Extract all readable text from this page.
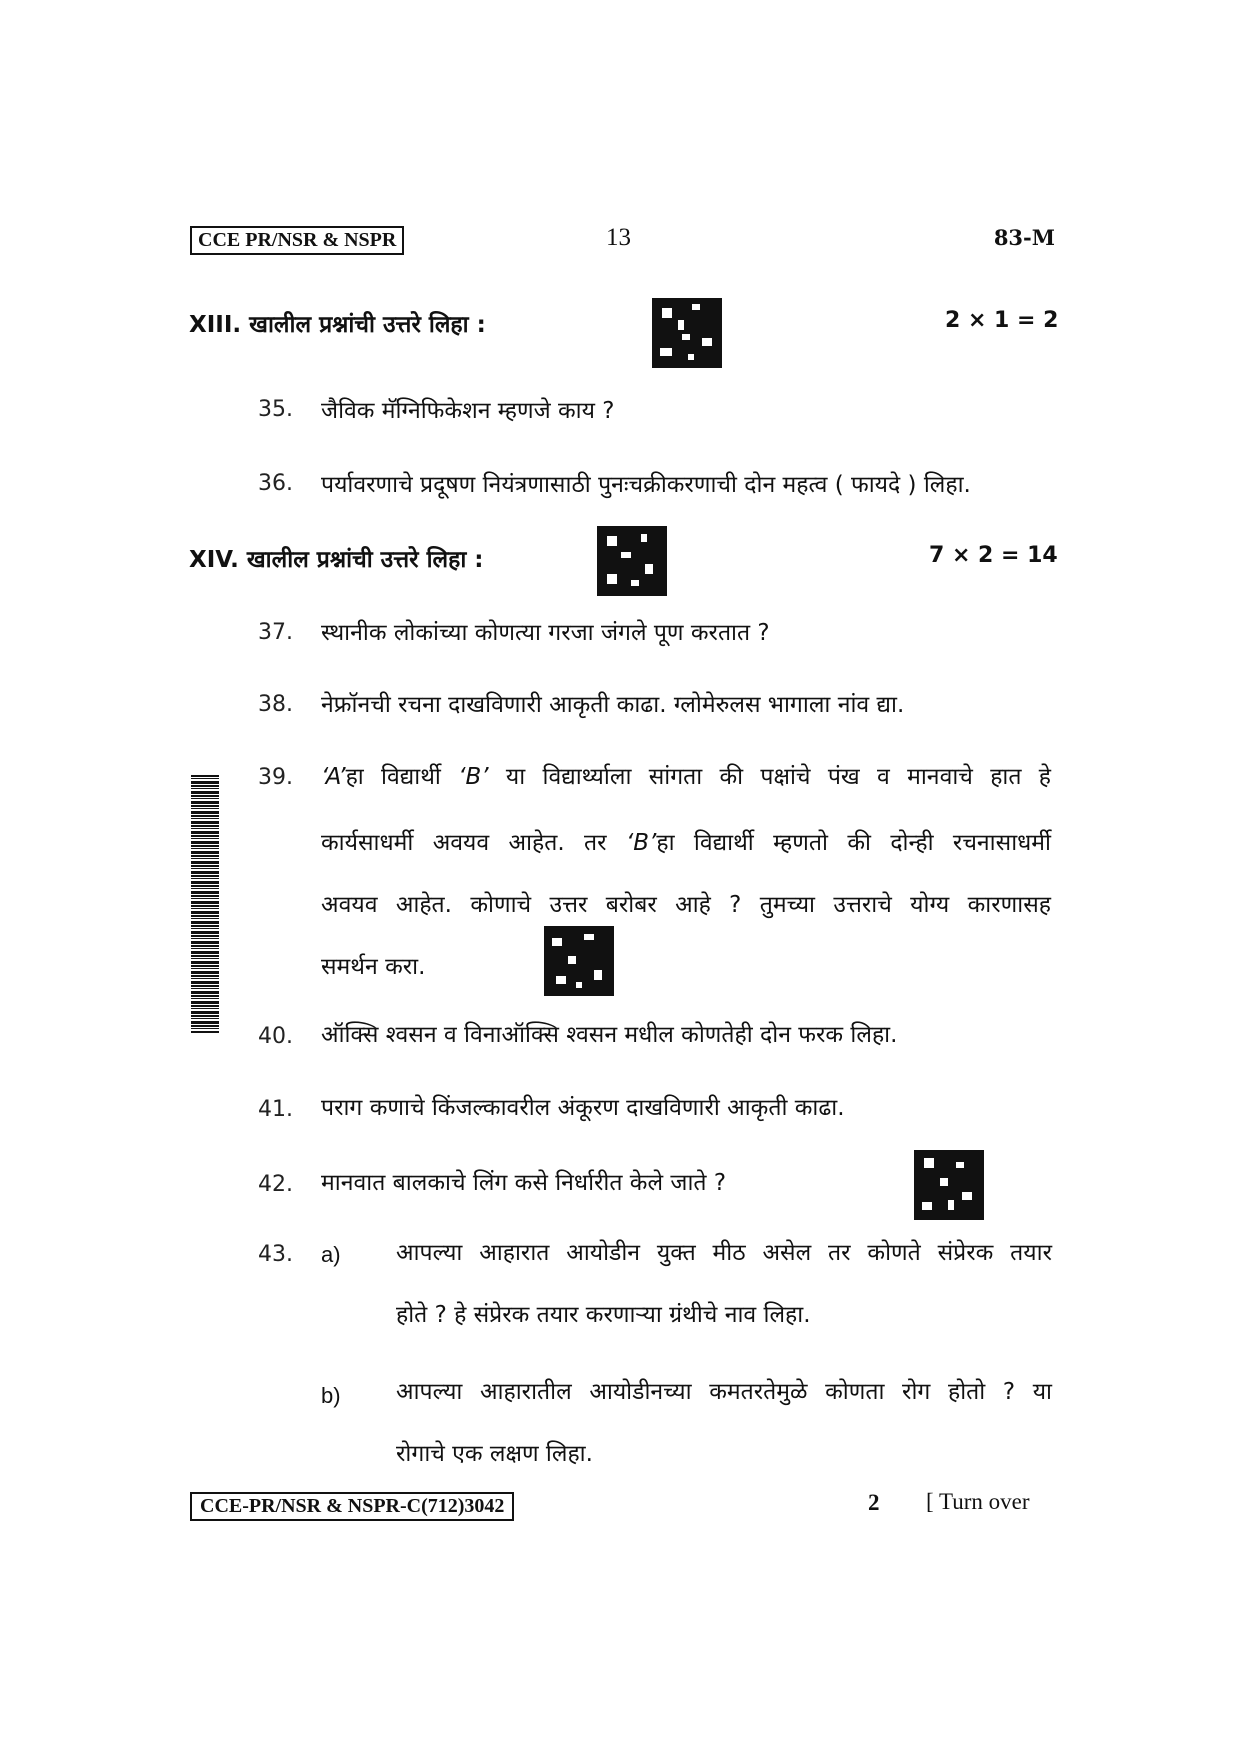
CCE PR/NSR & NSPR	13	83-M
XIII. खालील प्रश्नांची उत्तरे लिहा :	2 × 1 = 2
35. जैविक मॅग्निफिकेशन म्हणजे काय ?
36. पर्यावरणाचे प्रदूषण नियंत्रणासाठी पुनःचक्रीकरणाची दोन महत्व ( फायदे ) लिहा.
XIV. खालील प्रश्नांची उत्तरे लिहा :	7 × 2 = 14
37. स्थानीक लोकांच्या कोणत्या गरजा जंगले पूण करतात ?
38. नेफ्रॉनची रचना दाखविणारी आकृती काढा. ग्लोमेरुलस भागाला नांव द्या.
39. ‘A’हा विद्यार्थी ‘B’ या विद्यार्थ्याला सांगता की पक्षांचे पंख व मानवाचे हात हे
कार्यसाधर्मी अवयव आहेत. तर ‘B’हा विद्यार्थी म्हणतो की दोन्ही रचनासाधर्मी
अवयव आहेत. कोणाचे उत्तर बरोबर आहे ? तुमच्या उत्तराचे योग्य कारणासह
समर्थन करा.
40. ऑक्सि श्वसन व विनाऑक्सि श्वसन मधील कोणतेही दोन फरक लिहा.
41. पराग कणाचे किंजल्कावरील अंकूरण दाखविणारी आकृती काढा.
42. मानवात बालकाचे लिंग कसे निर्धारीत केले जाते ?
43. a) आपल्या आहारात आयोडीन युक्त मीठ असेल तर कोणते संप्रेरक तयार
होते ? हे संप्रेरक तयार करणाऱ्या ग्रंथीचे नाव लिहा.
b) आपल्या आहारातील आयोडीनच्या कमतरतेमुळे कोणता रोग होतो ? या
रोगाचे एक लक्षण लिहा.
CCE-PR/NSR & NSPR-C(712)3042	2 [ Turn over
